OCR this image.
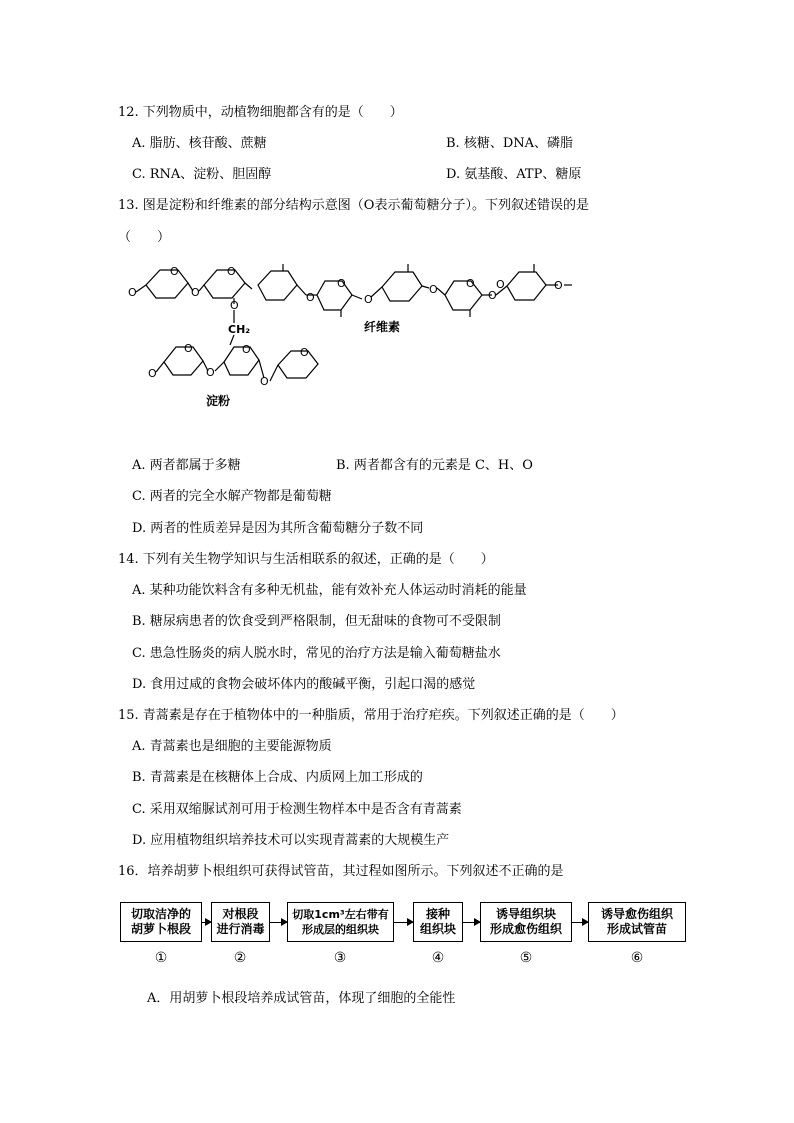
12. 下列物质中，动植物细胞都含有的是（　　）
A. 脂肪、核苷酸、蔗糖	B. 核糖、DNA、磷脂
C. RNA、淀粉、胆固醇	D. 氨基酸、ATP、糖原
13. 图是淀粉和纤维素的部分结构示意图（O表示葡萄糖分子）。下列叙述错误的是
（　　）
O
O
O
O
O
O
O
O
O	O
O
O	O
O
O
O
O
O
O
CH₂	纤维素
淀粉
A. 两者都属于多糖	B. 两者都含有的元素是 C、H、O
C. 两者的完全水解产物都是葡萄糖
D. 两者的性质差异是因为其所含葡萄糖分子数不同
14. 下列有关生物学知识与生活相联系的叙述，正确的是（　　）
A. 某种功能饮料含有多种无机盐，能有效补充人体运动时消耗的能量
B. 糖尿病患者的饮食受到严格限制，但无甜味的食物可不受限制
C. 患急性肠炎的病人脱水时，常见的治疗方法是输入葡萄糖盐水
D. 食用过咸的食物会破坏体内的酸碱平衡，引起口渴的感觉
15. 青蒿素是存在于植物体中的一种脂质，常用于治疗疟疾。下列叙述正确的是（　　）
A. 青蒿素也是细胞的主要能源物质
B. 青蒿素是在核糖体上合成、内质网上加工形成的
C. 采用双缩脲试剂可用于检测生物样本中是否含有青蒿素
D. 应用植物组织培养技术可以实现青蒿素的大规模生产
16．培养胡萝卜根组织可获得试管苗，其过程如图所示。下列叙述不正确的是
切取洁净的
胡萝卜根段
对根段
进行消毒
切取1cm³左右带有
形成层的组织块
接种
组织块
诱导组织块
形成愈伤组织
诱导愈伤组织
形成试管苗
①	②	③	④	⑤	⑥
A．用胡萝卜根段培养成试管苗，体现了细胞的全能性
